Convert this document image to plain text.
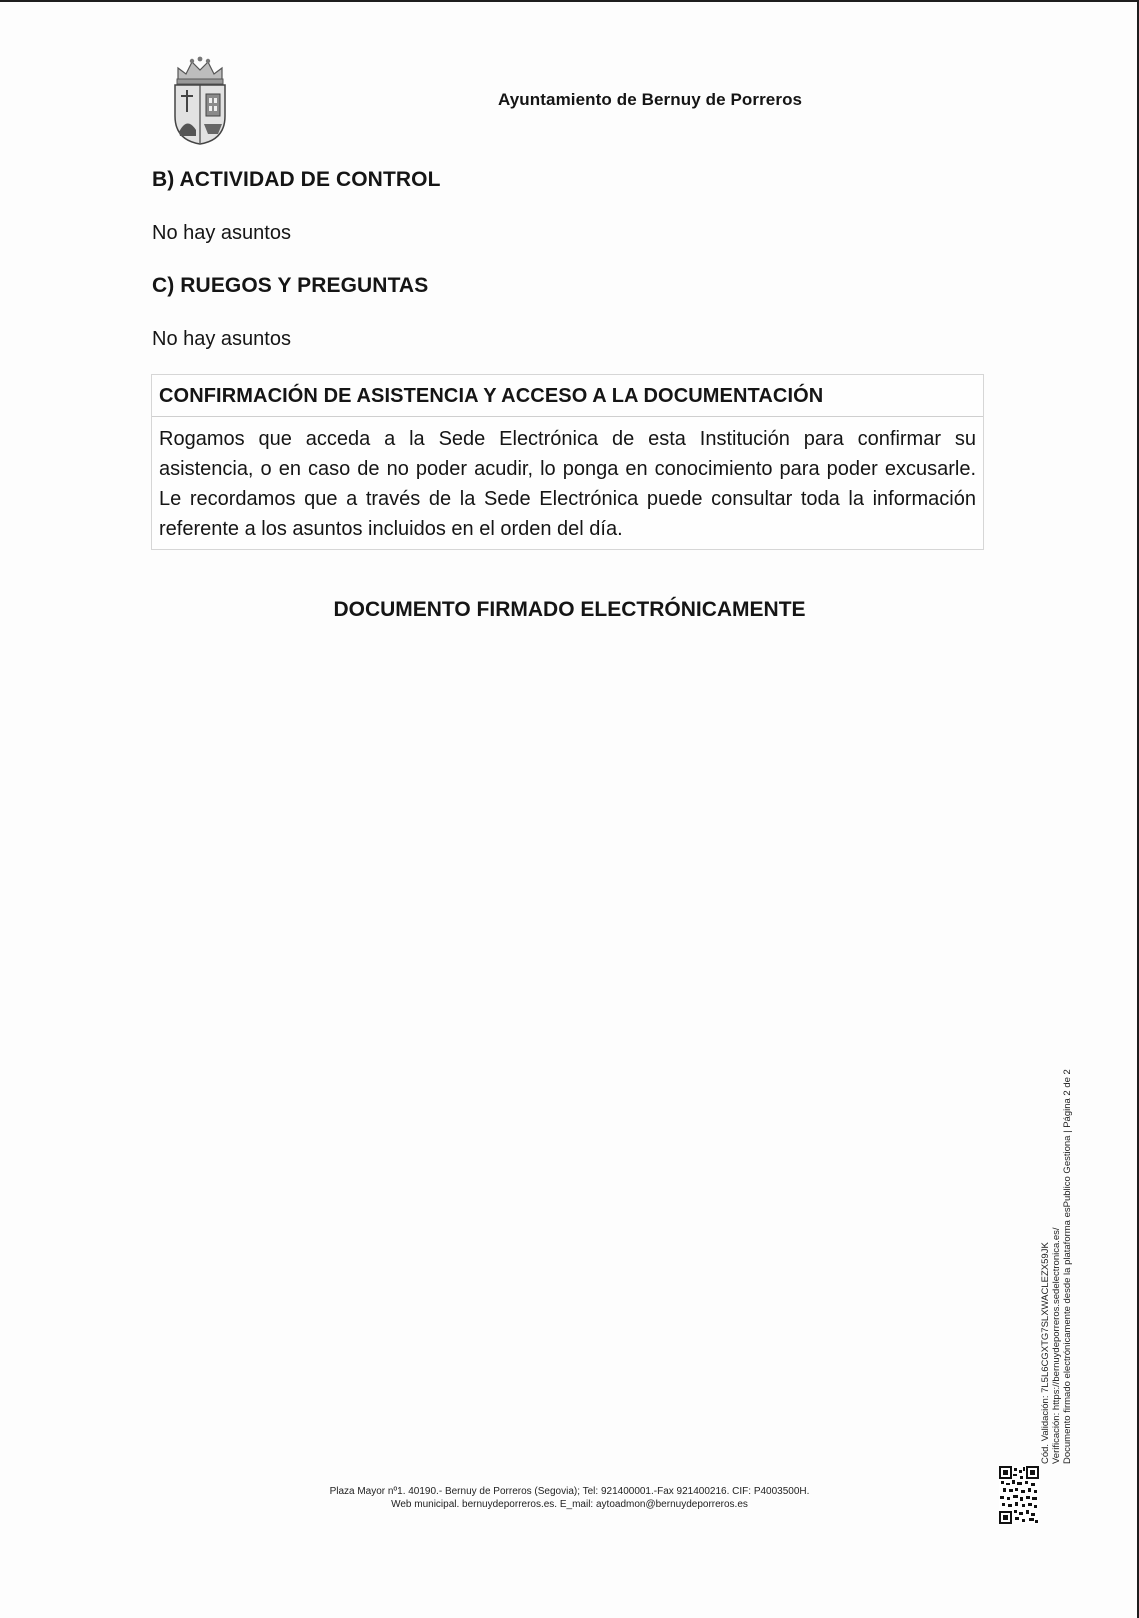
Ayuntamiento de Bernuy de Porreros
B) ACTIVIDAD DE CONTROL
No hay asuntos
C) RUEGOS Y PREGUNTAS
No hay asuntos
CONFIRMACIÓN DE ASISTENCIA Y ACCESO A LA DOCUMENTACIÓN
Rogamos que acceda a la Sede Electrónica de esta Institución para confirmar su asistencia, o en caso de no poder acudir, lo ponga en conocimiento para poder excusarle. Le recordamos que a través de la Sede Electrónica puede consultar toda la información referente a los asuntos incluidos en el orden del día.
DOCUMENTO FIRMADO ELECTRÓNICAMENTE
Plaza Mayor nº1. 40190.- Bernuy de Porreros (Segovia); Tel: 921400001.-Fax 921400216. CIF: P4003500H.
Web municipal. bernuydeporreros.es. E_mail: aytoadmon@bernuydeporreros.es
Cód. Validación: 7L5L6CGXTG7SLXWACLEZX59JK Verificación: https://bernuydeporreros.sedelectronica.es/ Documento firmado electrónicamente desde la plataforma esPublico Gestiona | Página 2 de 2
